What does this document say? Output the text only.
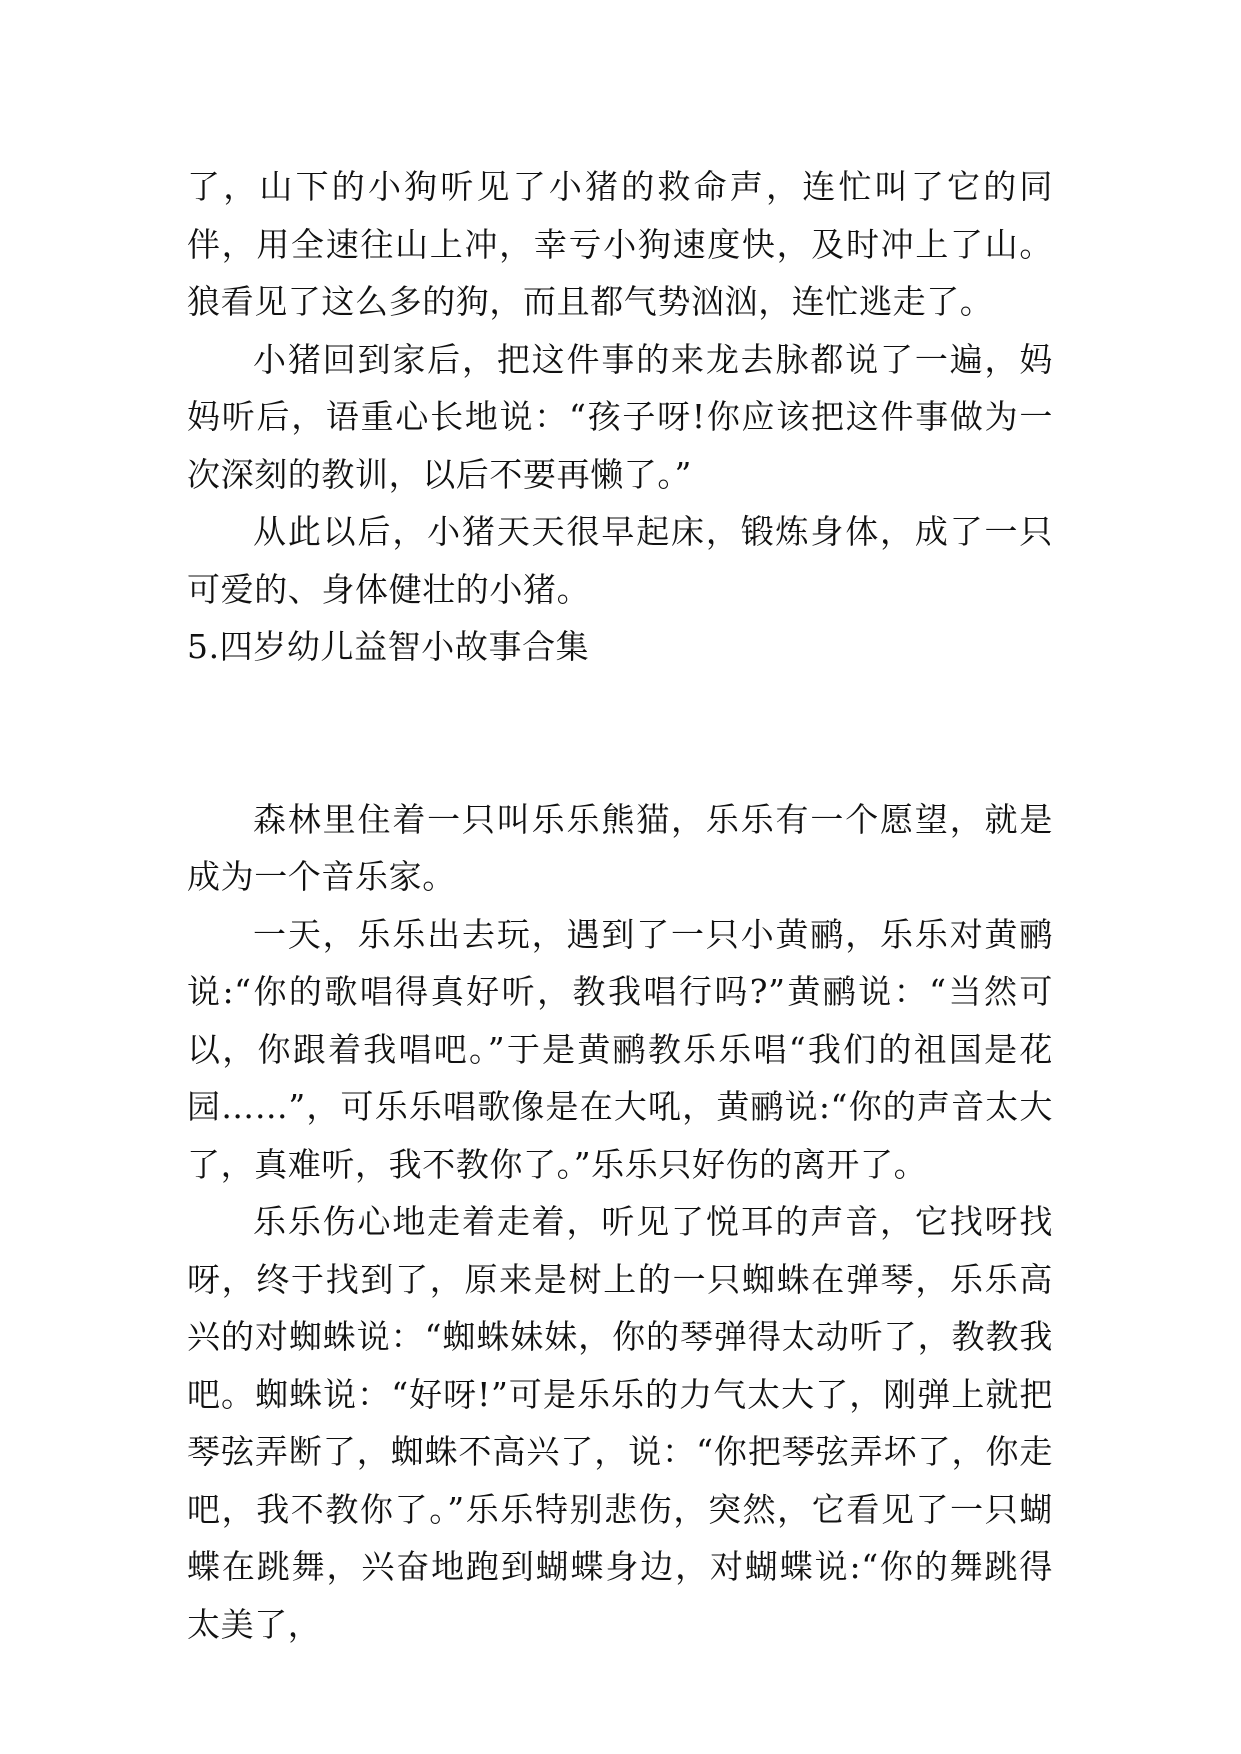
了，山下的小狗听见了小猪的救命声，连忙叫了它的同伴，用全速往山上冲，幸亏小狗速度快，及时冲上了山。狼看见了这么多的狗，而且都气势汹汹，连忙逃走了。

小猪回到家后，把这件事的来龙去脉都说了一遍，妈妈听后，语重心长地说：“孩子呀!你应该把这件事做为一次深刻的教训，以后不要再懒了。”

从此以后，小猪天天很早起床，锻炼身体，成了一只可爱的、身体健壮的小猪。

5.四岁幼儿益智小故事合集

森林里住着一只叫乐乐熊猫，乐乐有一个愿望，就是成为一个音乐家。

一天，乐乐出去玩，遇到了一只小黄鹂，乐乐对黄鹂说:“你的歌唱得真好听，教我唱行吗?”黄鹂说：“当然可以，你跟着我唱吧。”于是黄鹂教乐乐唱“我们的祖国是花园……”，可乐乐唱歌像是在大吼，黄鹂说:“你的声音太大了，真难听，我不教你了。”乐乐只好伤的离开了。

乐乐伤心地走着走着，听见了悦耳的声音，它找呀找呀，终于找到了，原来是树上的一只蜘蛛在弹琴，乐乐高兴的对蜘蛛说：“蜘蛛妹妹，你的琴弹得太动听了，教教我吧。蜘蛛说：“好呀!”可是乐乐的力气太大了，刚弹上就把琴弦弄断了，蜘蛛不高兴了，说：“你把琴弦弄坏了，你走吧，我不教你了。”乐乐特别悲伤，突然，它看见了一只蝴蝶在跳舞，兴奋地跑到蝴蝶身边，对蝴蝶说:“你的舞跳得太美了，
